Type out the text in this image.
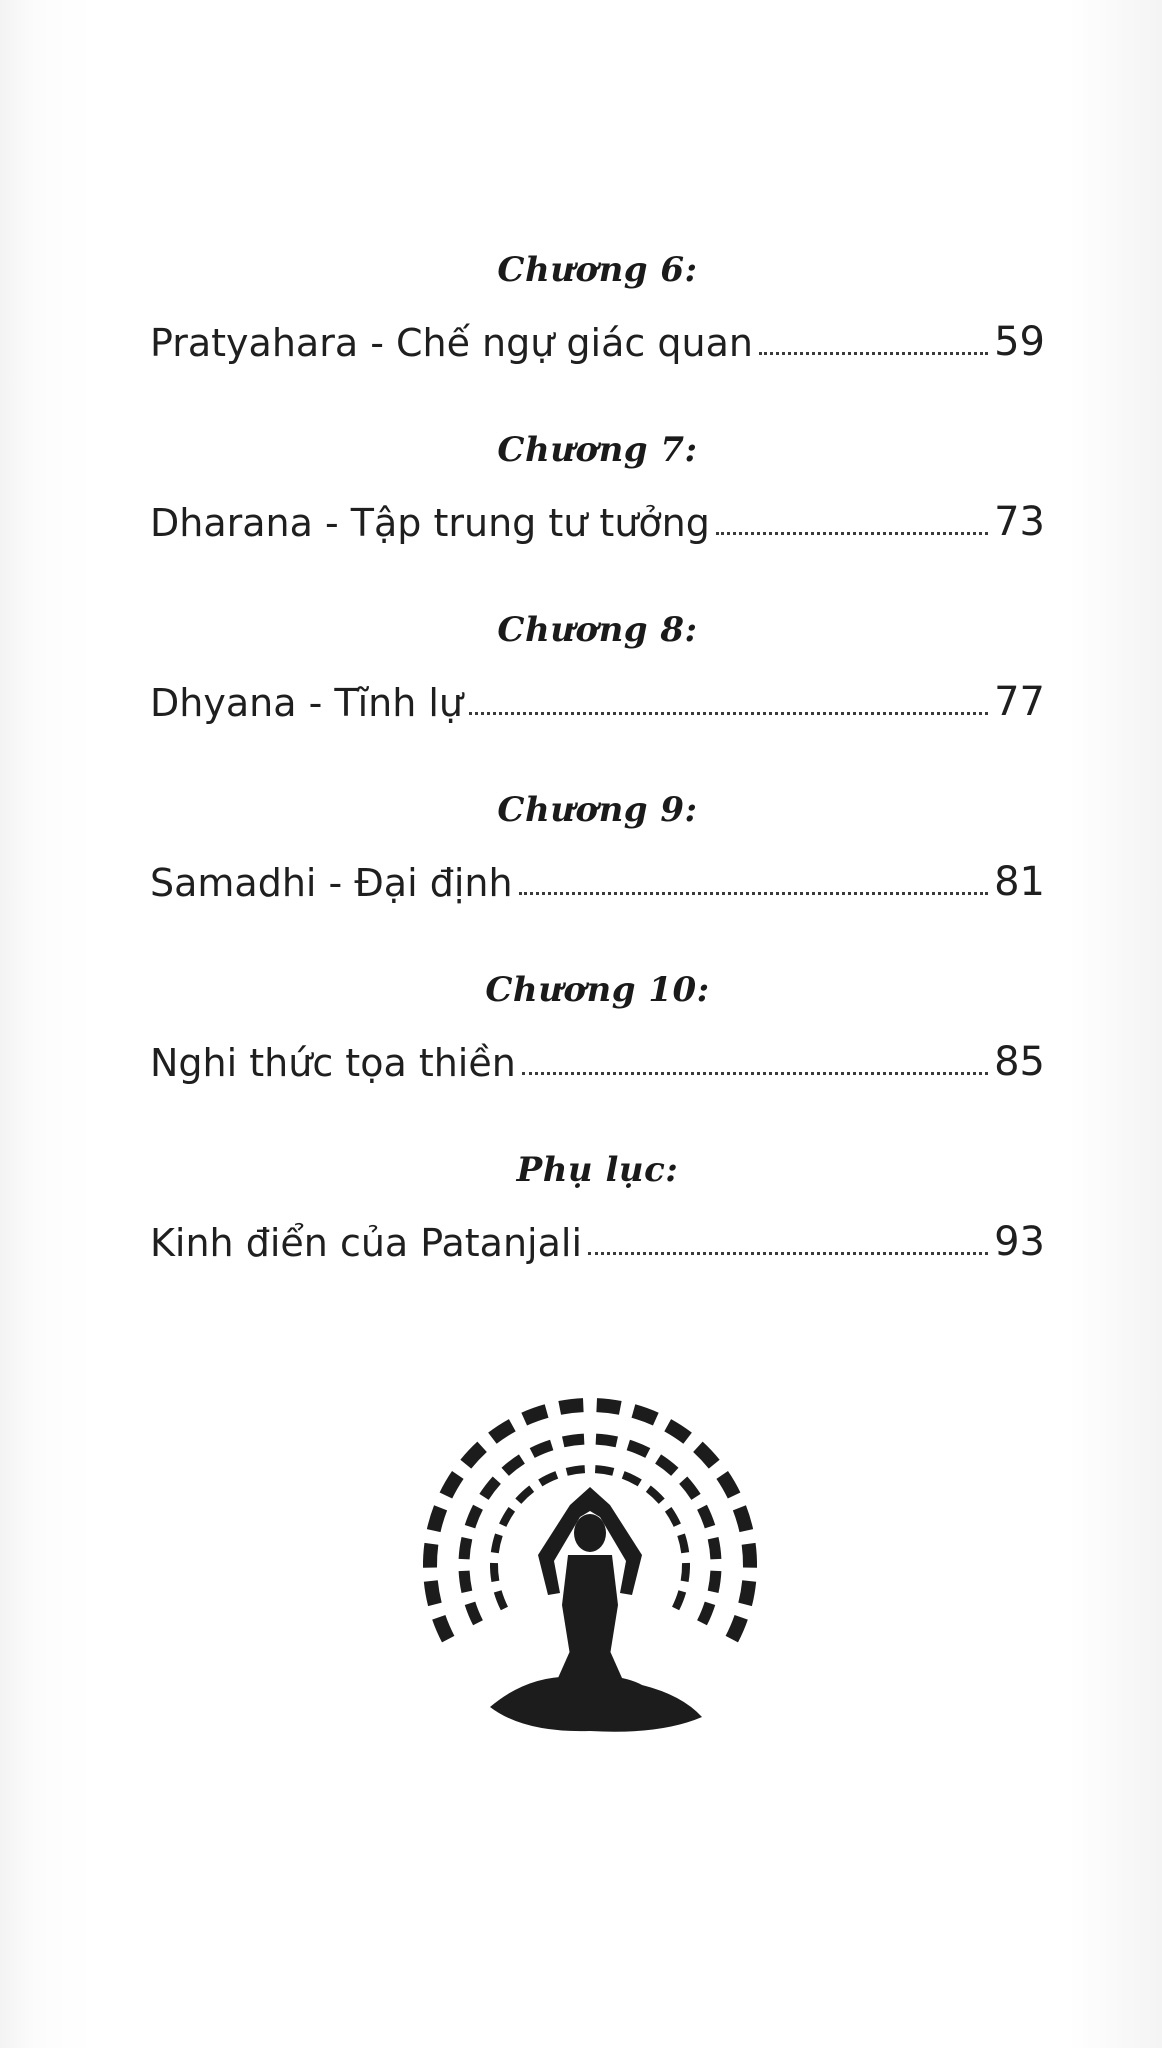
Chương 6:
Pratyahara - Chế ngự giác quan	59
Chương 7:
Dharana - Tập trung tư tưởng	73
Chương 8:
Dhyana - Tĩnh lự	77
Chương 9:
Samadhi - Đại định	81
Chương 10:
Nghi thức tọa thiền	85
Phụ lục:
Kinh điển của Patanjali	93
